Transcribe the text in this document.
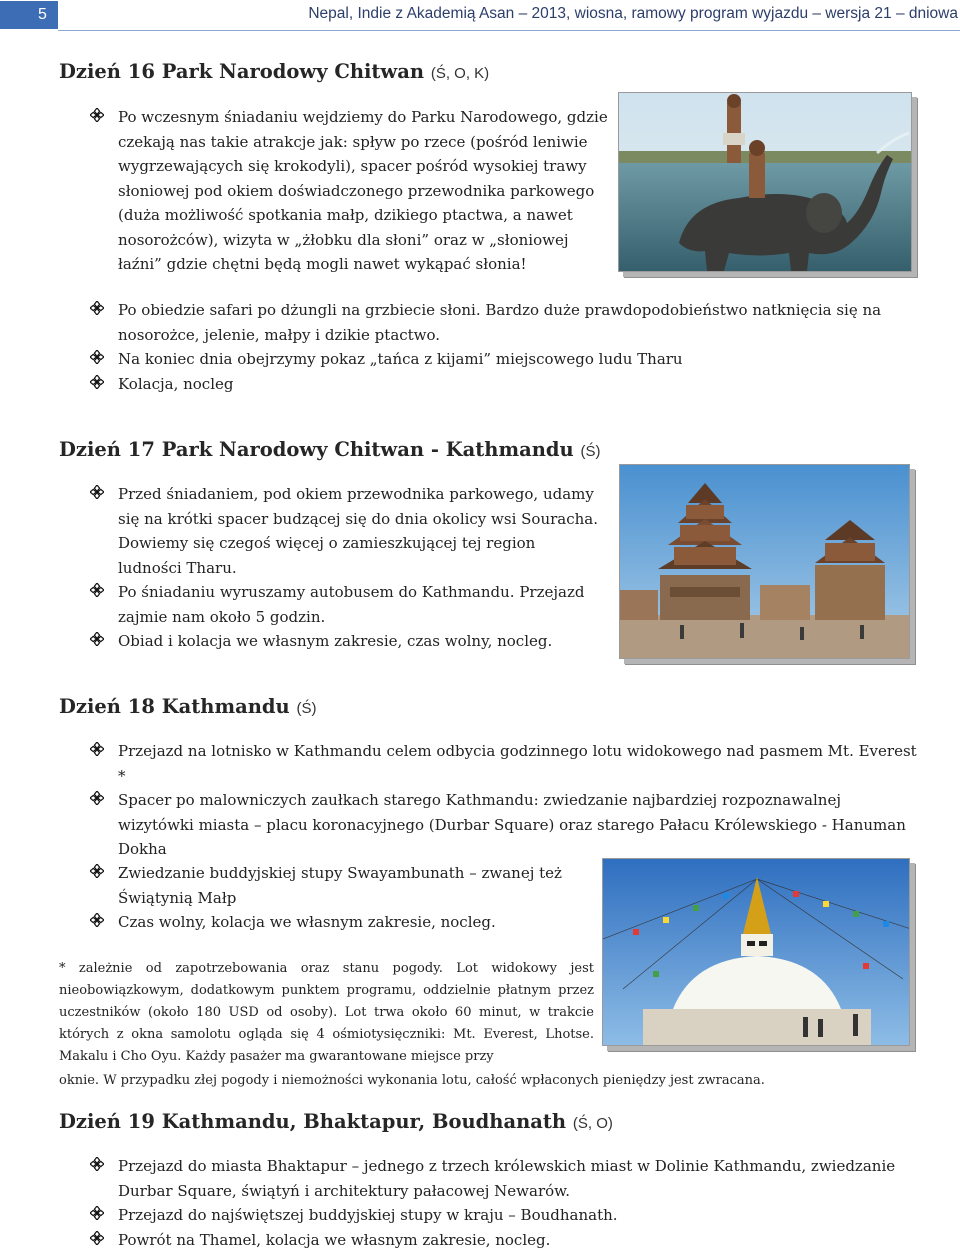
5	Nepal, Indie z Akademią Asan – 2013, wiosna, ramowy program wyjazdu – wersja 21 – dniowa
Dzień 16 Park Narodowy Chitwan (Ś, O, K)
Po wczesnym śniadaniu wejdziemy do Parku Narodowego, gdzie czekają nas takie atrakcje jak: spływ po rzece (pośród leniwie wygrzewających się krokodyli), spacer pośród wysokiej trawy słoniowej pod okiem doświadczonego przewodnika parkowego (duża możliwość spotkania małp, dzikiego ptactwa, a nawet nosorożców), wizyta w „żłobku dla słoni” oraz w „słoniowej łaźni” gdzie chętni będą mogli nawet wykąpać słonia!
Po obiedzie safari po dżungli na grzbiecie słoni. Bardzo duże prawdopodobieństwo natknięcia się na nosorożce, jelenie, małpy i dzikie ptactwo.
Na koniec dnia obejrzymy pokaz „tańca z kijami” miejscowego ludu Tharu
Kolacja, nocleg
Dzień 17 Park Narodowy Chitwan - Kathmandu (Ś)
Przed śniadaniem, pod okiem przewodnika parkowego, udamy się na krótki spacer budzącej się do dnia okolicy wsi Souracha. Dowiemy się czegoś więcej o zamieszkującej tej region ludności Tharu.
Po śniadaniu wyruszamy autobusem do Kathmandu. Przejazd zajmie nam około 5 godzin.
Obiad i kolacja we własnym zakresie, czas wolny, nocleg.
Dzień 18 Kathmandu (Ś)
Przejazd na lotnisko w Kathmandu celem odbycia godzinnego lotu widokowego nad pasmem Mt. Everest *
Spacer po malowniczych zaułkach starego Kathmandu: zwiedzanie najbardziej rozpoznawalnej wizytówki miasta – placu koronacyjnego (Durbar Square) oraz starego Pałacu Królewskiego - Hanuman Dokha
Zwiedzanie buddyjskiej stupy Swayambunath – zwanej też Świątynią Małp
Czas wolny, kolacja we własnym zakresie, nocleg.

* zależnie od zapotrzebowania oraz stanu pogody. Lot widokowy jest nieobowiązkowym, dodatkowym punktem programu, oddzielnie płatnym przez uczestników (około 180 USD od osoby). Lot trwa około 60 minut, w trakcie których z okna samolotu ogląda się 4 ośmiotysięczniki: Mt. Everest, Lhotse. Makalu i Cho Oyu. Każdy pasażer ma gwarantowane miejsce przy

oknie. W przypadku złej pogody i niemożności wykonania lotu, całość wpłaconych pieniędzy jest zwracana.

Dzień 19 Kathmandu, Bhaktapur, Boudhanath (Ś, O)
Przejazd do miasta Bhaktapur – jednego z trzech królewskich miast w Dolinie Kathmandu, zwiedzanie Durbar Square, świątyń i architektury pałacowej Newarów.
Przejazd do najświętszej buddyjskiej stupy w kraju – Boudhanath.
Powrót na Thamel, kolacja we własnym zakresie, nocleg.
